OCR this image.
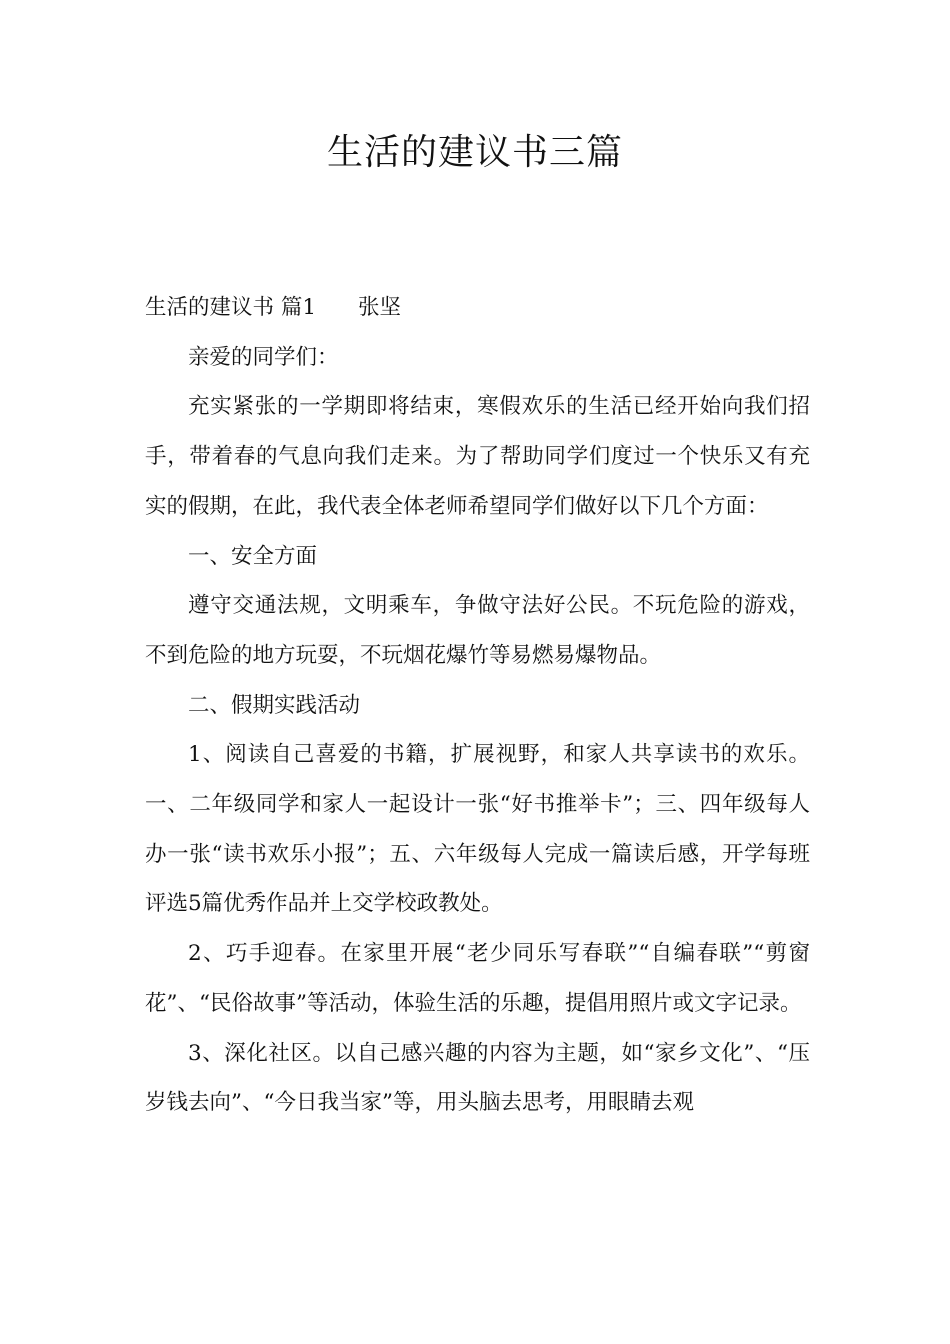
生活的建议书三篇

生活的建议书 篇1 张坚

亲爱的同学们：

充实紧张的一学期即将结束，寒假欢乐的生活已经开始向我们招手，带着春的气息向我们走来。为了帮助同学们度过一个快乐又有充实的假期，在此，我代表全体老师希望同学们做好以下几个方面：

一、安全方面

遵守交通法规，文明乘车，争做守法好公民。不玩危险的游戏，不到危险的地方玩耍，不玩烟花爆竹等易燃易爆物品。

二、假期实践活动

1、阅读自己喜爱的书籍，扩展视野，和家人共享读书的欢乐。一、二年级同学和家人一起设计一张“好书推举卡”；三、四年级每人办一张“读书欢乐小报”；五、六年级每人完成一篇读后感，开学每班评选5篇优秀作品并上交学校政教处。

2、巧手迎春。在家里开展“老少同乐写春联”“自编春联”“剪窗花”、“民俗故事”等活动，体验生活的乐趣，提倡用照片或文字记录。

3、深化社区。以自己感兴趣的内容为主题，如“家乡文化”、“压岁钱去向”、“今日我当家”等，用头脑去思考，用眼睛去观
